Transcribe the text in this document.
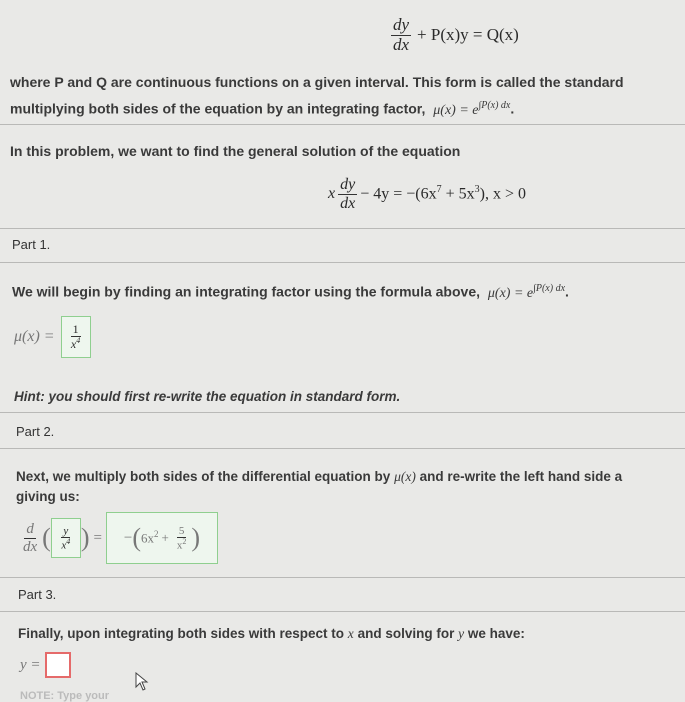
$\frac{dy}{dx} + P(x)y = Q(x)$
where P and Q are continuous functions on a given interval. This form is called the standard
multiplying both sides of the equation by an integrating factor, $\mu(x) = e^{\int P(x) dx}$.
In this problem, we want to find the general solution of the equation
x $\frac{dy}{dx} - 4y = -(6x^7 + 5x^3)$, x > 0
Part 1.
We will begin by finding an integrating factor using the formula above, $\mu(x) = e^{\int P(x) dx}$.
$\mu(x) = \frac{1}{x^4}$
Hint: you should first re-write the equation in standard form.
Part 2.
Next, we multiply both sides of the differential equation by μ(x) and re-write the left hand side a
giving us:
$\frac{d}{dx}$ ( $\frac{y}{x^4}$ ) = − ( $6x^2 + \frac{5}{x^2}$ )
Part 3.
Finally, upon integrating both sides with respect to x and solving for y we have:
y =
NOTE: Type your
